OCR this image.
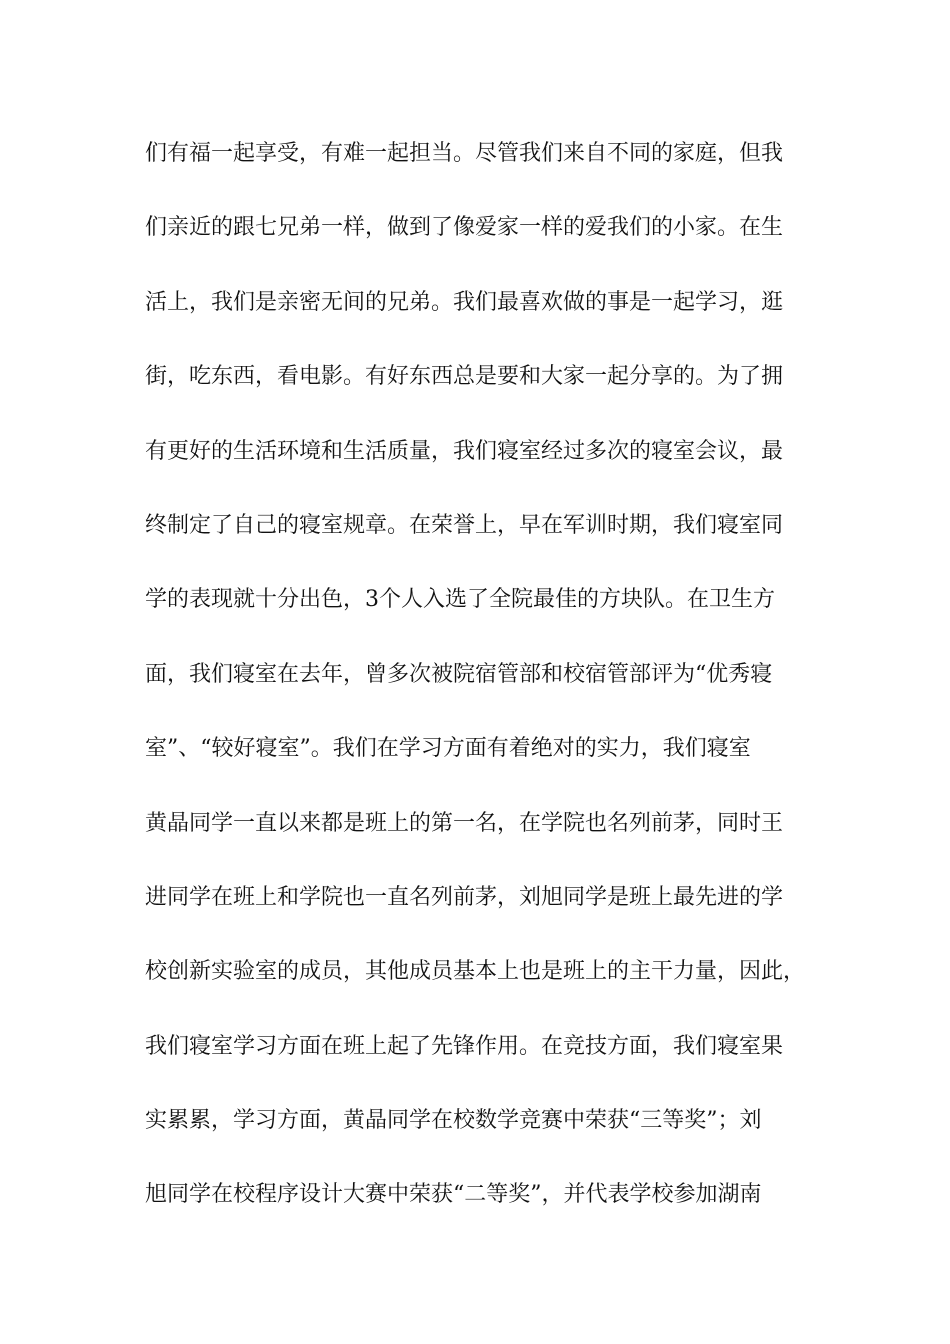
们有福一起享受，有难一起担当。尽管我们来自不同的家庭，但我
们亲近的跟七兄弟一样，做到了像爱家一样的爱我们的小家。在生
活上，我们是亲密无间的兄弟。我们最喜欢做的事是一起学习，逛
街，吃东西，看电影。有好东西总是要和大家一起分享的。为了拥
有更好的生活环境和生活质量，我们寝室经过多次的寝室会议，最
终制定了自己的寝室规章。在荣誉上，早在军训时期，我们寝室同
学的表现就十分出色，3个人入选了全院最佳的方块队。在卫生方
面，我们寝室在去年，曾多次被院宿管部和校宿管部评为“优秀寝
室”、“较好寝室”。我们在学习方面有着绝对的实力，我们寝室
黄晶同学一直以来都是班上的第一名，在学院也名列前茅，同时王
进同学在班上和学院也一直名列前茅，刘旭同学是班上最先进的学
校创新实验室的成员，其他成员基本上也是班上的主干力量，因此，
我们寝室学习方面在班上起了先锋作用。在竞技方面，我们寝室果
实累累，学习方面，黄晶同学在校数学竞赛中荣获“三等奖”；刘
旭同学在校程序设计大赛中荣获“二等奖”，并代表学校参加湖南
